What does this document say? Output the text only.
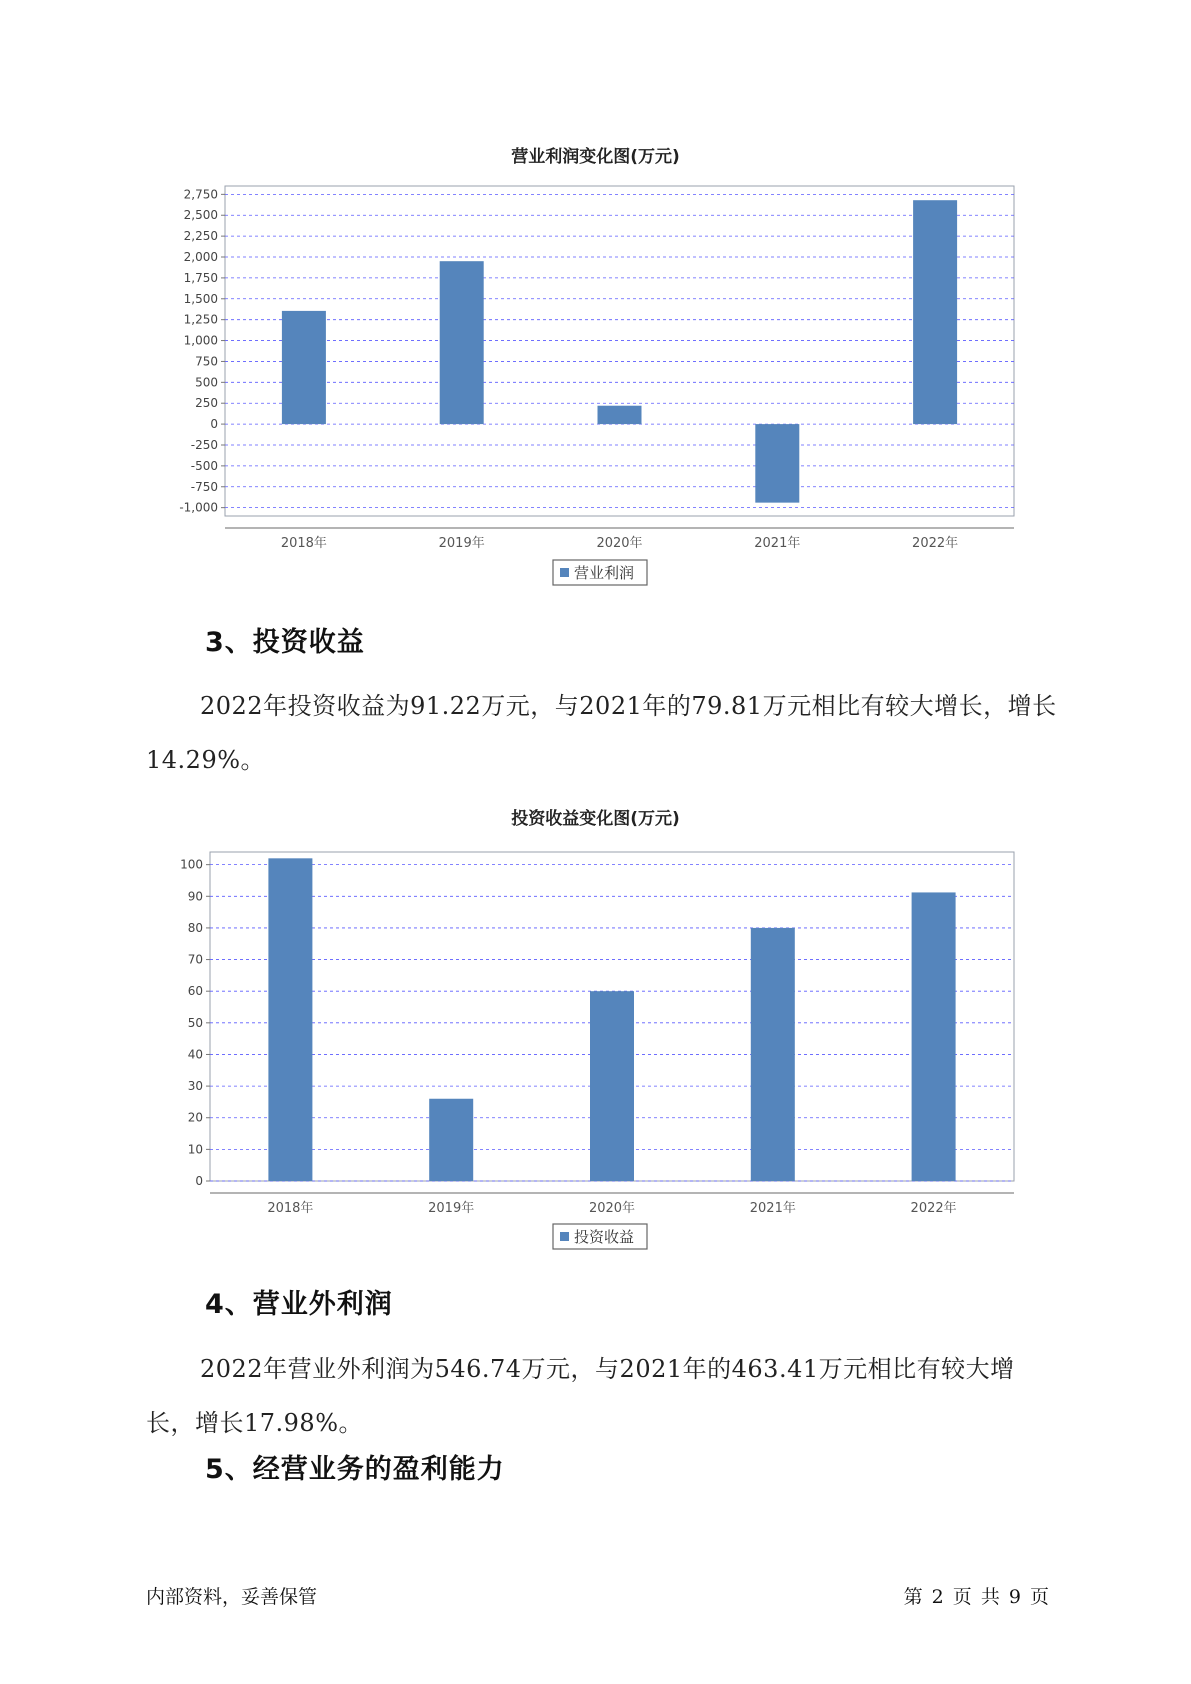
营业利润变化图(万元)
2,750
2,500
2,250
2,000
1,750
1,500
1,250
1,000
750
500
250
0
-250
-500
-750
-1,000
2018年	2019年	2020年	2021年	2022年
营业利润
3、投资收益
2022年投资收益为91.22万元，与2021年的79.81万元相比有较大增长，增长14.29%。
投资收益变化图(万元)
100
90
80
70
60
50
40
30
20
10
0
2018年	2019年	2020年	2021年	2022年
投资收益
4、营业外利润
2022年营业外利润为546.74万元，与2021年的463.41万元相比有较大增长，增长17.98%。
5、经营业务的盈利能力
内部资料，妥善保管	第 2 页 共 9 页
